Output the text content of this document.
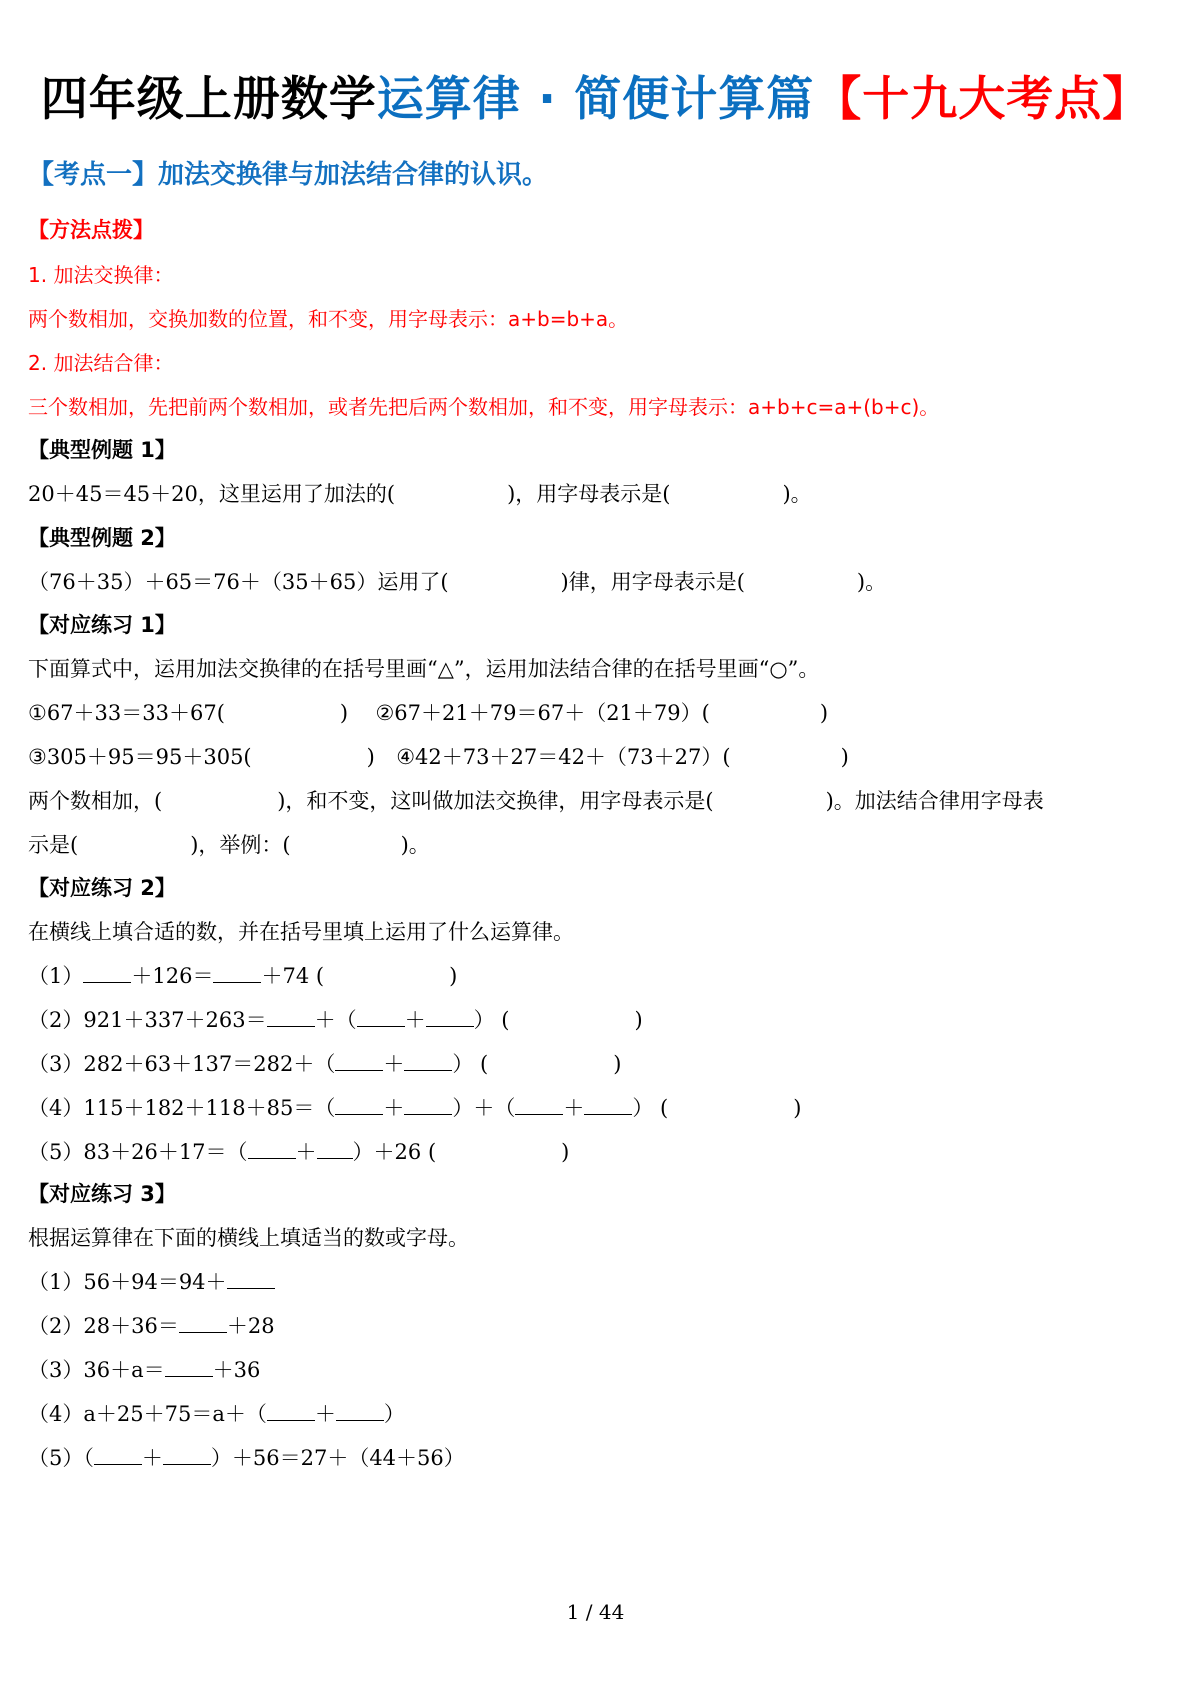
四年级上册数学运算律 · 简便计算篇【十九大考点】
【考点一】加法交换律与加法结合律的认识。
【方法点拨】
1. 加法交换律：
两个数相加，交换加数的位置，和不变，用字母表示：a+b=b+a。
2. 加法结合律：
三个数相加，先把前两个数相加，或者先把后两个数相加，和不变，用字母表示：a+b+c=a+(b+c)。
【典型例题 1】
20＋45＝45＋20，这里运用了加法的(	)，用字母表示是(	)。
【典型例题 2】
（76＋35）＋65＝76＋（35＋65）运用了(	)律，用字母表示是(	)。
【对应练习 1】
下面算式中，运用加法交换律的在括号里画“△”，运用加法结合律的在括号里画“○”。
①67＋33＝33＋67(	) ②67＋21＋79＝67＋（21＋79）(	)
③305＋95＝95＋305(	) ④42＋73＋27＝42＋（73＋27）(	)
两个数相加，(	)，和不变，这叫做加法交换律，用字母表示是(	)。加法结合律用字母表
示是(	)，举例：(	)。
【对应练习 2】
在横线上填合适的数，并在括号里填上运用了什么运算律。
（1） ＋126＝ ＋74 (	)
（2）921＋337＋263＝ ＋（ ＋ ） (	)
（3）282＋63＋137＝282＋（ ＋ ） (	)
（4）115＋182＋118＋85＝（ ＋ ）＋（ ＋ ） (	)
（5）83＋26＋17＝（ ＋ ）＋26 (	)
【对应练习 3】
根据运算律在下面的横线上填适当的数或字母。
（1）56＋94＝94＋
（2）28＋36＝ ＋28
（3）36＋a＝ ＋36
（4）a＋25＋75＝a＋（ ＋ ）
（5）（ ＋ ）＋56＝27＋（44＋56）
1 / 44
